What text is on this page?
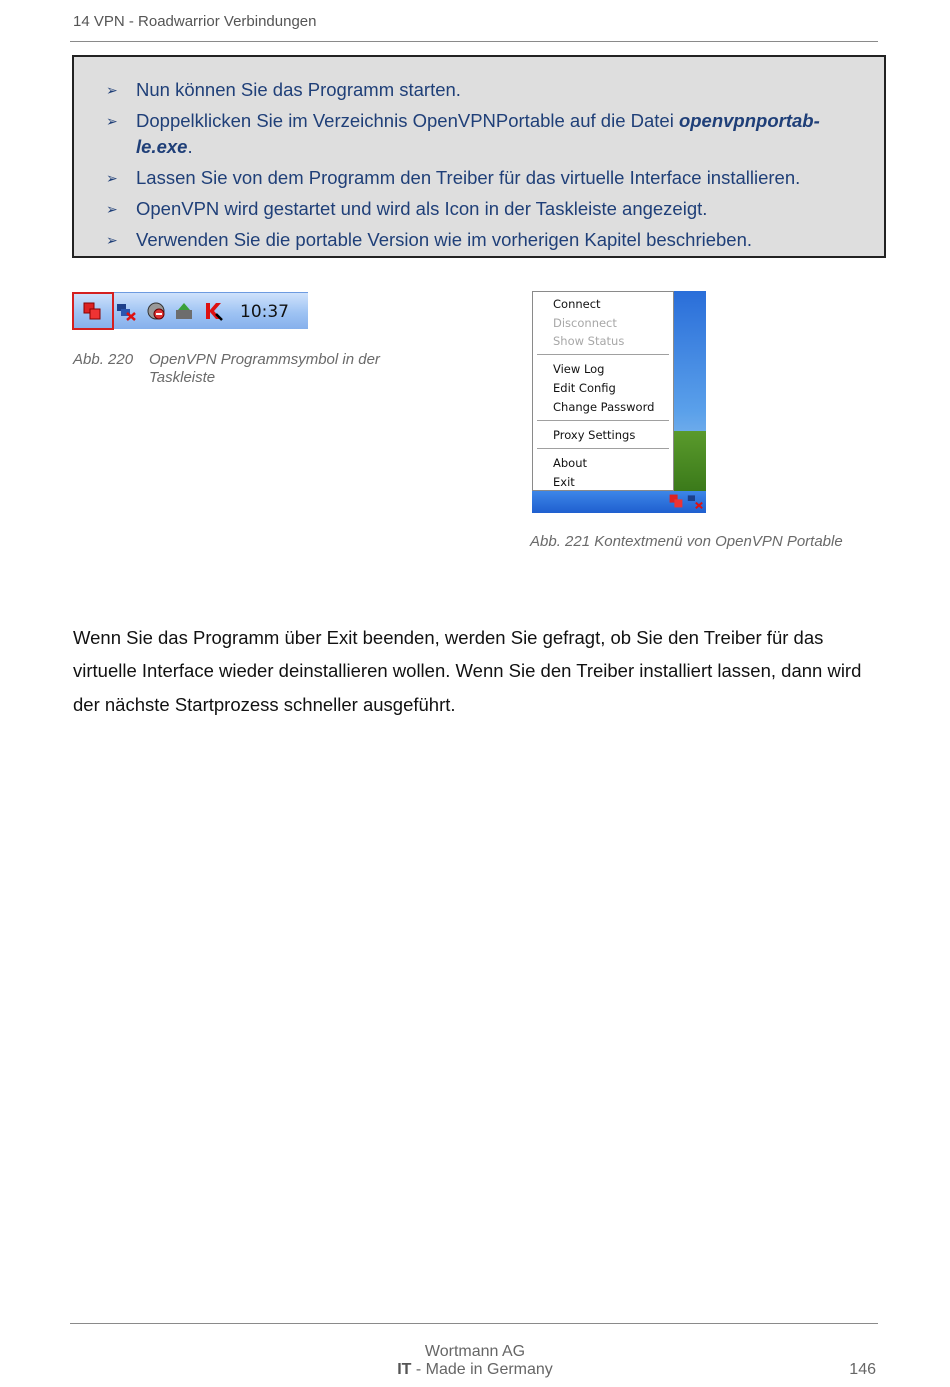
14 VPN - Roadwarrior Verbindungen
➢ Nun können Sie das Programm starten.
➢ Doppelklicken Sie im Verzeichnis OpenVPNPortable auf die Datei openvpnportab-le.exe.
➢ Lassen Sie von dem Programm den Treiber für das virtuelle Interface installieren.
➢ OpenVPN wird gestartet und wird als Icon in der Taskleiste angezeigt.
➢ Verwenden Sie die portable Version wie im vorherigen Kapitel beschrieben.
10:37
Abb. 220 OpenVPN Programmsymbol in der Taskleiste
Connect
Disconnect
Show Status
View Log
Edit Config
Change Password
Proxy Settings
About
Exit
Abb. 221 Kontextmenü von OpenVPN Portable

Wenn Sie das Programm über Exit beenden, werden Sie gefragt, ob Sie den Treiber für das virtuelle Interface wieder deinstallieren wollen. Wenn Sie den Treiber installiert lassen, dann wird der nächste Startprozess schneller ausgeführt.

Wortmann AG
IT - Made in Germany	146
